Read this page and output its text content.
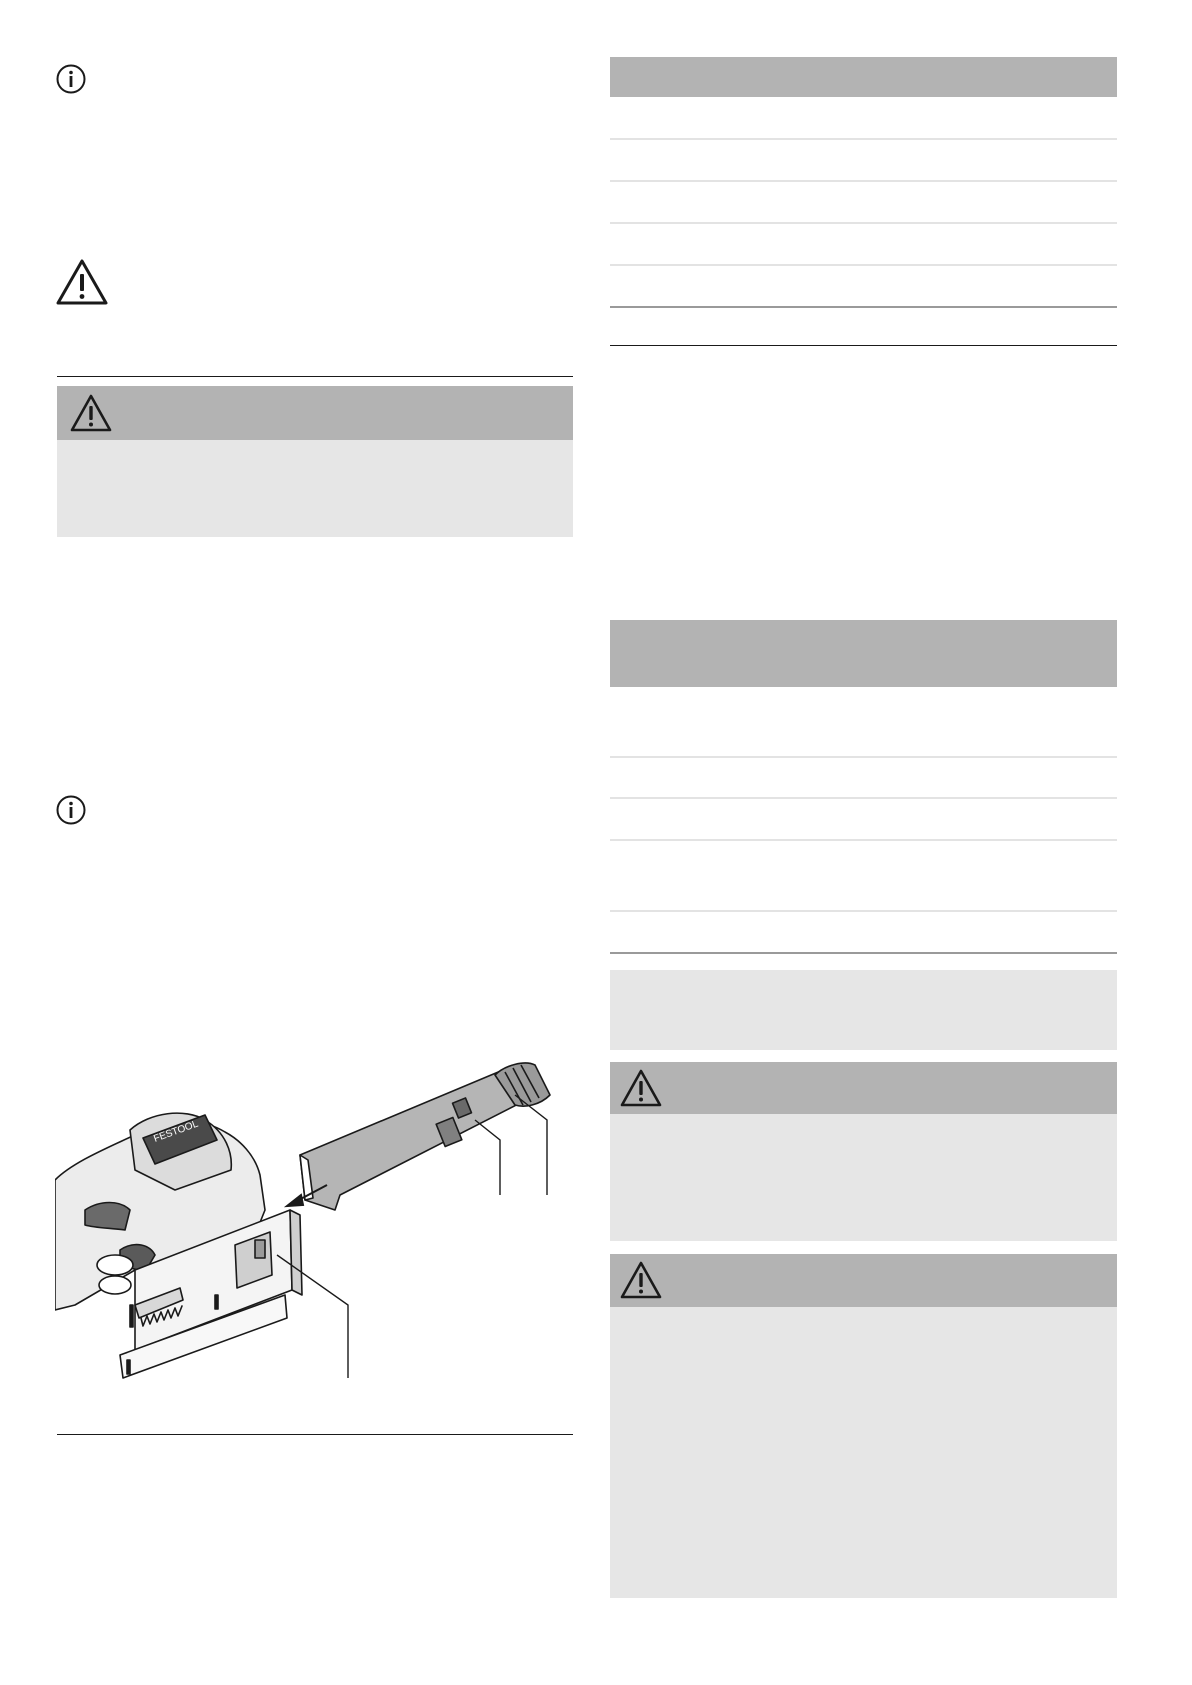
FESTOOL
